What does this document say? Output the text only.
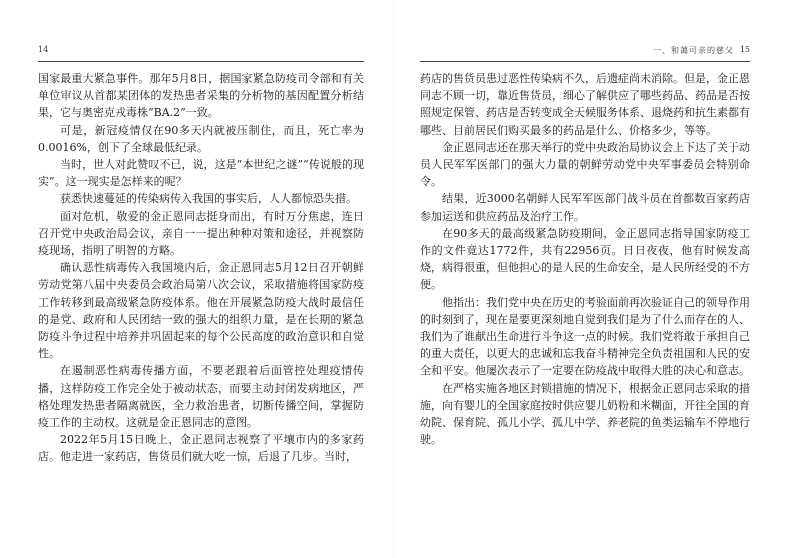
14

国家最重大紧急事件。那年5月8日，据国家紧急防疫司令部和有关单位审议从首都某团体的发热患者采集的分析物的基因配置分析结果，它与奥密克戎毒株“BA.2”一致。

可是，新冠疫情仅在90多天内就被压制住，而且，死亡率为0.0016%，创下了全球最低纪录。

当时，世人对此赞叹不已，说，这是“本世纪之谜”“传说般的现实”。这一现实是怎样来的呢？

获悉快速蔓延的传染病传入我国的事实后，人人都惊恐失措。

面对危机，敬爱的金正恩同志挺身而出，有时万分焦虑，连日召开党中央政治局会议，亲自一一提出种种对策和途径，并视察防疫现场，指明了明智的方略。

确认恶性病毒传入我国境内后，金正恩同志5月12日召开朝鲜劳动党第八届中央委员会政治局第八次会议，采取措施将国家防疫工作转移到最高级紧急防疫体系。他在开展紧急防疫大战时最信任的是党、政府和人民团结一致的强大的组织力量，是在长期的紧急防疫斗争过程中培养并巩固起来的每个公民高度的政治意识和自觉性。

在遏制恶性病毒传播方面，不要老跟着后面管控处理疫情传播，这样防疫工作完全处于被动状态，而要主动封闭发病地区，严格处理发热患者隔离就医，全力救治患者，切断传播空间，掌握防疫工作的主动权。这就是金正恩同志的意图。

2022年5月15日晚上，金正恩同志视察了平壤市内的多家药店。他走进一家药店，售货员们就大吃一惊，后退了几步。当时，

一、和蔼可亲的慈父 15

药店的售货员患过恶性传染病不久，后遗症尚未消除。但是，金正恩同志不顾一切，靠近售货员，细心了解供应了哪些药品、药品是否按照规定保管、药店是否转变成全天候服务体系、退烧药和抗生素都有哪些、目前居民们购买最多的药品是什么、价格多少，等等。

金正恩同志还在那天举行的党中央政治局协议会上下达了关于动员人民军军医部门的强大力量的朝鲜劳动党中央军事委员会特别命令。

结果，近3000名朝鲜人民军军医部门战斗员在首都数百家药店参加运送和供应药品及治疗工作。

在90多天的最高级紧急防疫期间，金正恩同志指导国家防疫工作的文件竟达1772件，共有22956页。日日夜夜，他有时候发高烧，病得很重，但他担心的是人民的生命安全，是人民所经受的不方便。

他指出：我们党中央在历史的考验面前再次验证自己的领导作用的时刻到了，现在是要更深刻地自觉到我们是为了什么而存在的人、我们为了谁献出生命进行斗争这一点的时候。我们党将敢于承担自己的重大责任，以更大的忠诚和忘我奋斗精神完全负责祖国和人民的安全和平安。他屡次表示了一定要在防疫战中取得大胜的决心和意志。

在严格实施各地区封锁措施的情况下，根据金正恩同志采取的措施，向有婴儿的全国家庭按时供应婴儿奶粉和米糊面，开往全国的育幼院、保育院、孤儿小学、孤儿中学、养老院的鱼类运输车不停地行驶。
